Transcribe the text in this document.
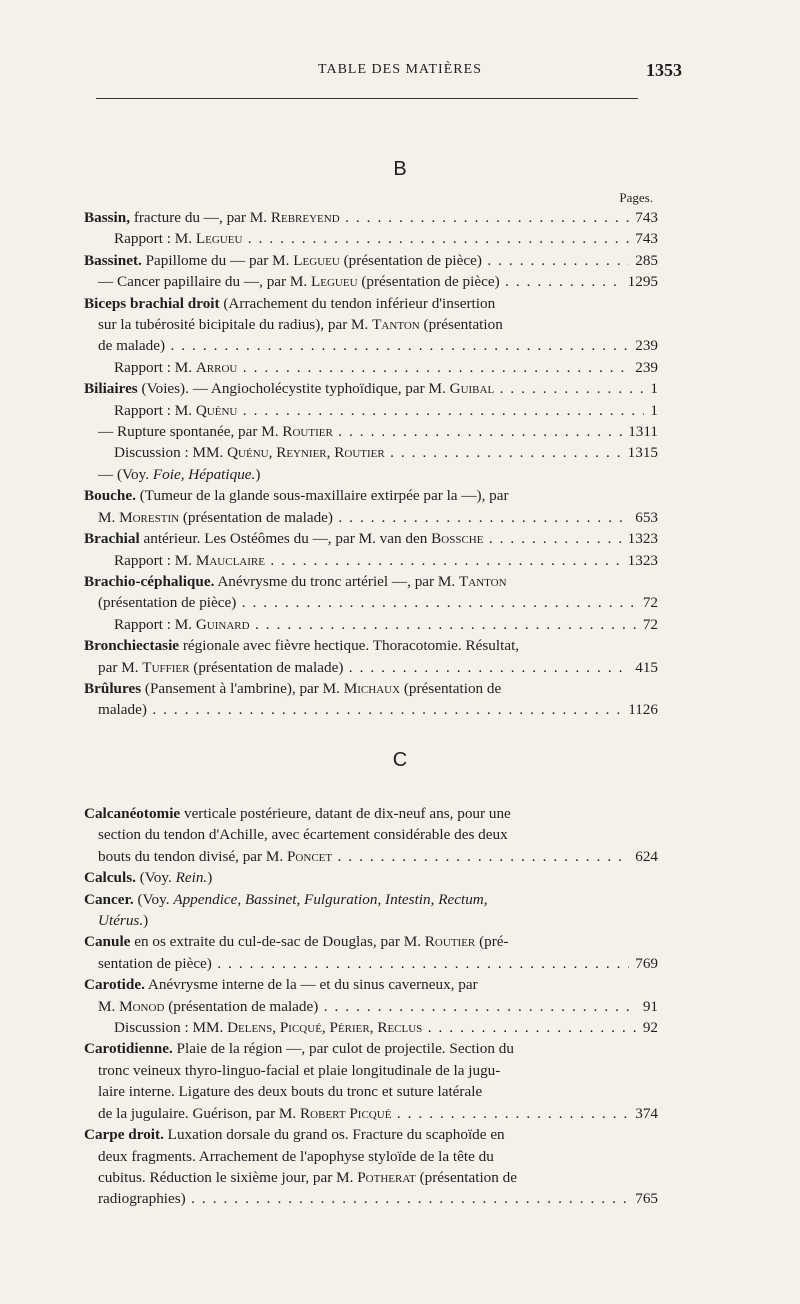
TABLE DES MATIÈRES	1353
B
Pages.
Bassin, fracture du —, par M. Rebreyend . . .	743
Rapport : M. Legueu . . .	743
Bassinet. Papillome du — par M. Legueu (présentation de pièce) . . .	285
— Cancer papillaire du —, par M. Legueu (présentation de pièce) . . .	1295
Biceps brachial droit (Arrachement du tendon inférieur d'insertion
sur la tubérosité bicipitale du radius), par M. Tanton (présentation
de malade) . . .	239
Rapport : M. Arrou . . .	239
Biliaires (Voies). — Angiocholécystite typhoïdique, par M. Guibal . . .	1
Rapport : M. Quénu . . .	1
— Rupture spontanée, par M. Routier . . .	1311
Discussion : MM. Quénu, Reynier, Routier . . .	1315
— (Voy. Foie, Hépatique.)
Bouche. (Tumeur de la glande sous-maxillaire extirpée par la —), par
M. Morestin (présentation de malade) . . .	653
Brachial antérieur. Les Ostéômes du —, par M. van den Bossche . . .	1323
Rapport : M. Mauclaire . . .	1323
Brachio-céphalique. Anévrysme du tronc artériel —, par M. Tanton
(présentation de pièce) . . .	72
Rapport : M. Guinard . . .	72
Bronchiectasie régionale avec fièvre hectique. Thoracotomie. Résultat,
par M. Tuffier (présentation de malade) . . .	415
Brûlures (Pansement à l'ambrine), par M. Michaux (présentation de
malade) . . .	1126
C
Calcanéotomie verticale postérieure, datant de dix-neuf ans, pour une
section du tendon d'Achille, avec écartement considérable des deux
bouts du tendon divisé, par M. Poncet . . .	624
Calculs. (Voy. Rein.)
Cancer. (Voy. Appendice, Bassinet, Fulguration, Intestin, Rectum,
Utérus.)
Canule en os extraite du cul-de-sac de Douglas, par M. Routier (pré-
sentation de pièce) . . .	769
Carotide. Anévrysme interne de la — et du sinus caverneux, par
M. Monod (présentation de malade) . . .	91
Discussion : MM. Delens, Picqué, Périer, Reclus . . .	92
Carotidienne. Plaie de la région —, par culot de projectile. Section du
tronc veineux thyro-linguo-facial et plaie longitudinale de la jugu-
laire interne. Ligature des deux bouts du tronc et suture latérale
de la jugulaire. Guérison, par M. Robert Picqué . . .	374
Carpe droit. Luxation dorsale du grand os. Fracture du scaphoïde en
deux fragments. Arrachement de l'apophyse styloïde de la tête du
cubitus. Réduction le sixième jour, par M. Potherat (présentation de
radiographies) . . .	765
